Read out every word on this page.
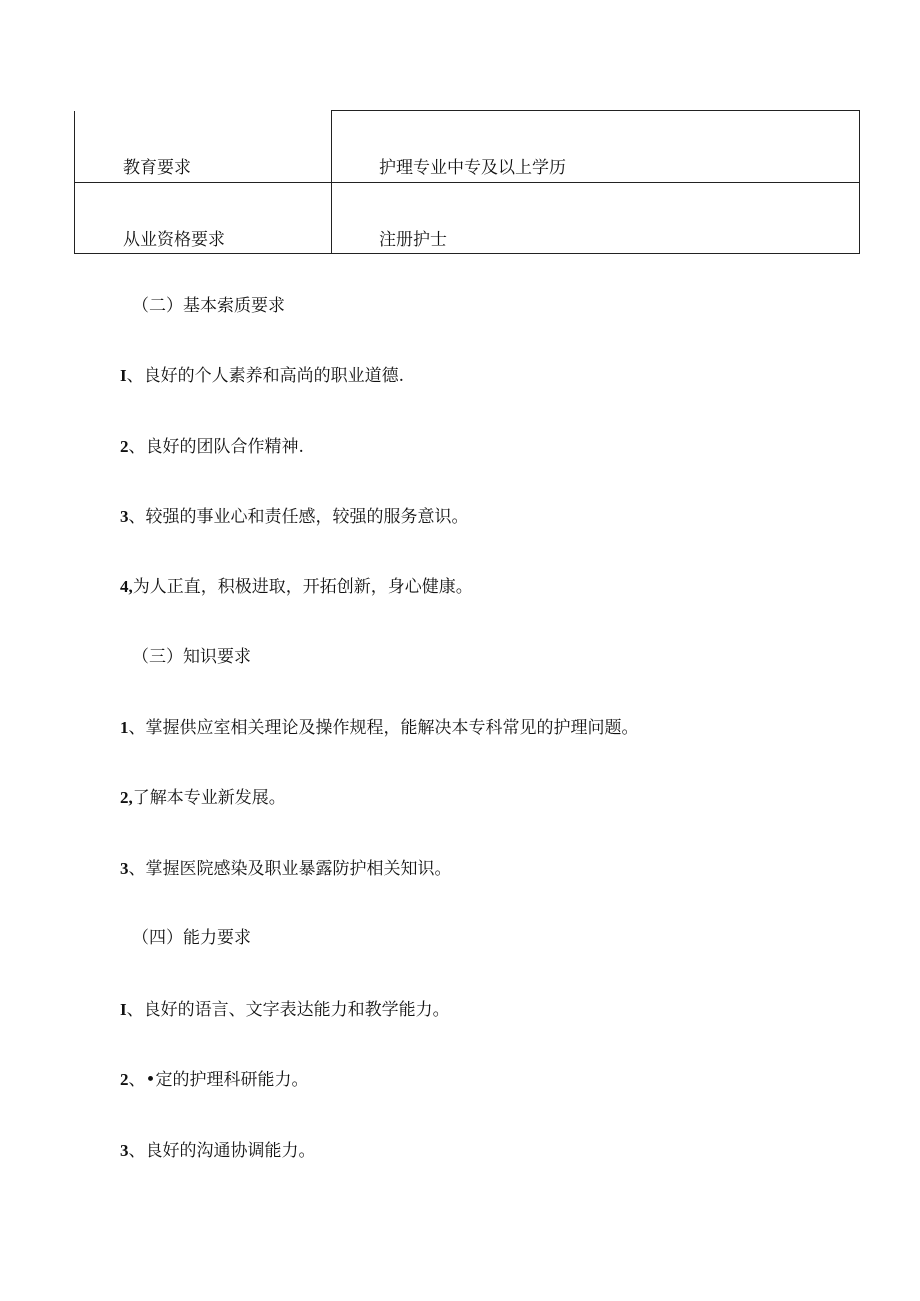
教育要求	护理专业中专及以上学历
从业资格要求	注册护士
（二）基本索质要求
I、良好的个人素养和高尚的职业道德.
2、良好的团队合作精神.
3、较强的事业心和责任感，较强的服务意识。
4,为人正直，积极进取，开拓创新，身心健康。
（三）知识要求
1、掌握供应室相关理论及操作规程，能解决本专科常见的护理问题。
2,了解本专业新发展。
3、掌握医院感染及职业暴露防护相关知识。
（四）能力要求
I、良好的语言、文字表达能力和教学能力。
2、•定的护理科研能力。
3、良好的沟通协调能力。
